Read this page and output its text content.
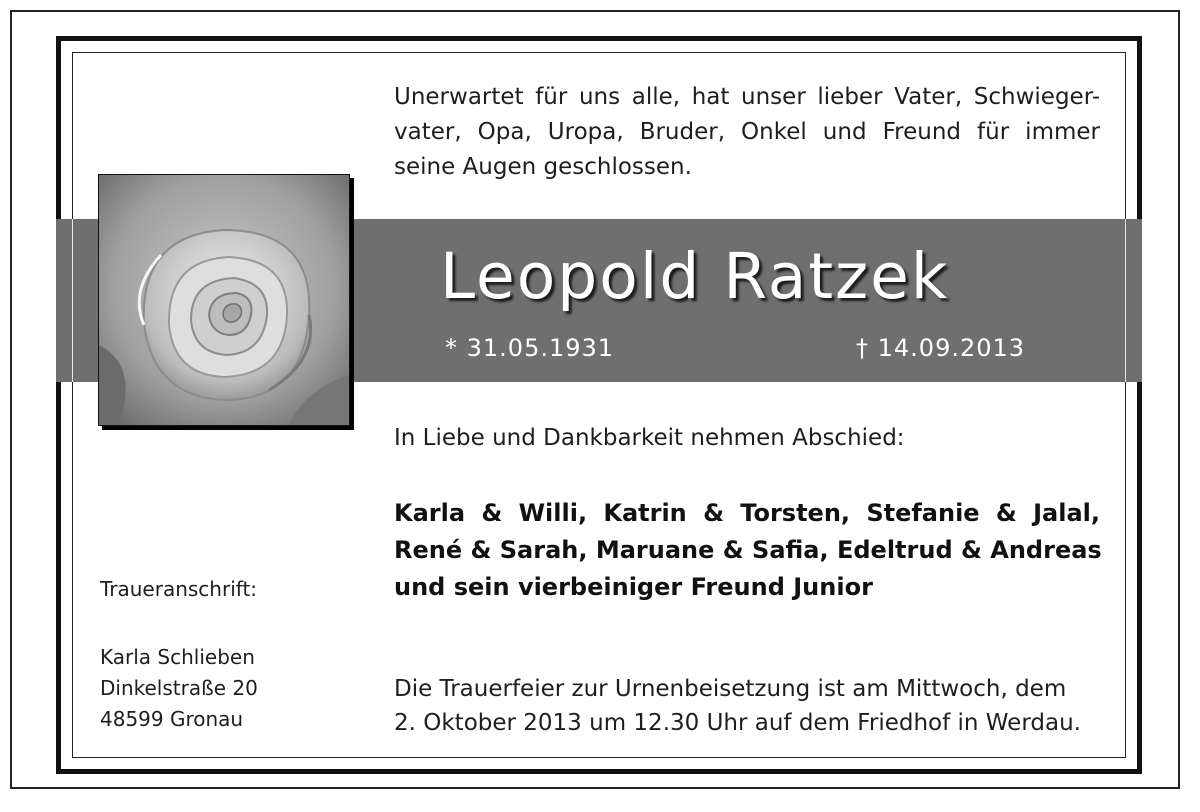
Unerwartet für uns alle, hat unser lieber Vater, Schwieger-
vater, Opa, Uropa, Bruder, Onkel und Freund für immer
seine Augen geschlossen.
Leopold Ratzek
* 31.05.1931	† 14.09.2013
In Liebe und Dankbarkeit nehmen Abschied:
Karla & Willi, Katrin & Torsten, Stefanie & Jalal,
René & Sarah, Maruane & Safia, Edeltrud & Andreas
und sein vierbeiniger Freund Junior
Traueranschrift:
Karla Schlieben
Dinkelstraße 20
48599 Gronau
Die Trauerfeier zur Urnenbeisetzung ist am Mittwoch, dem
2. Oktober 2013 um 12.30 Uhr auf dem Friedhof in Werdau.
